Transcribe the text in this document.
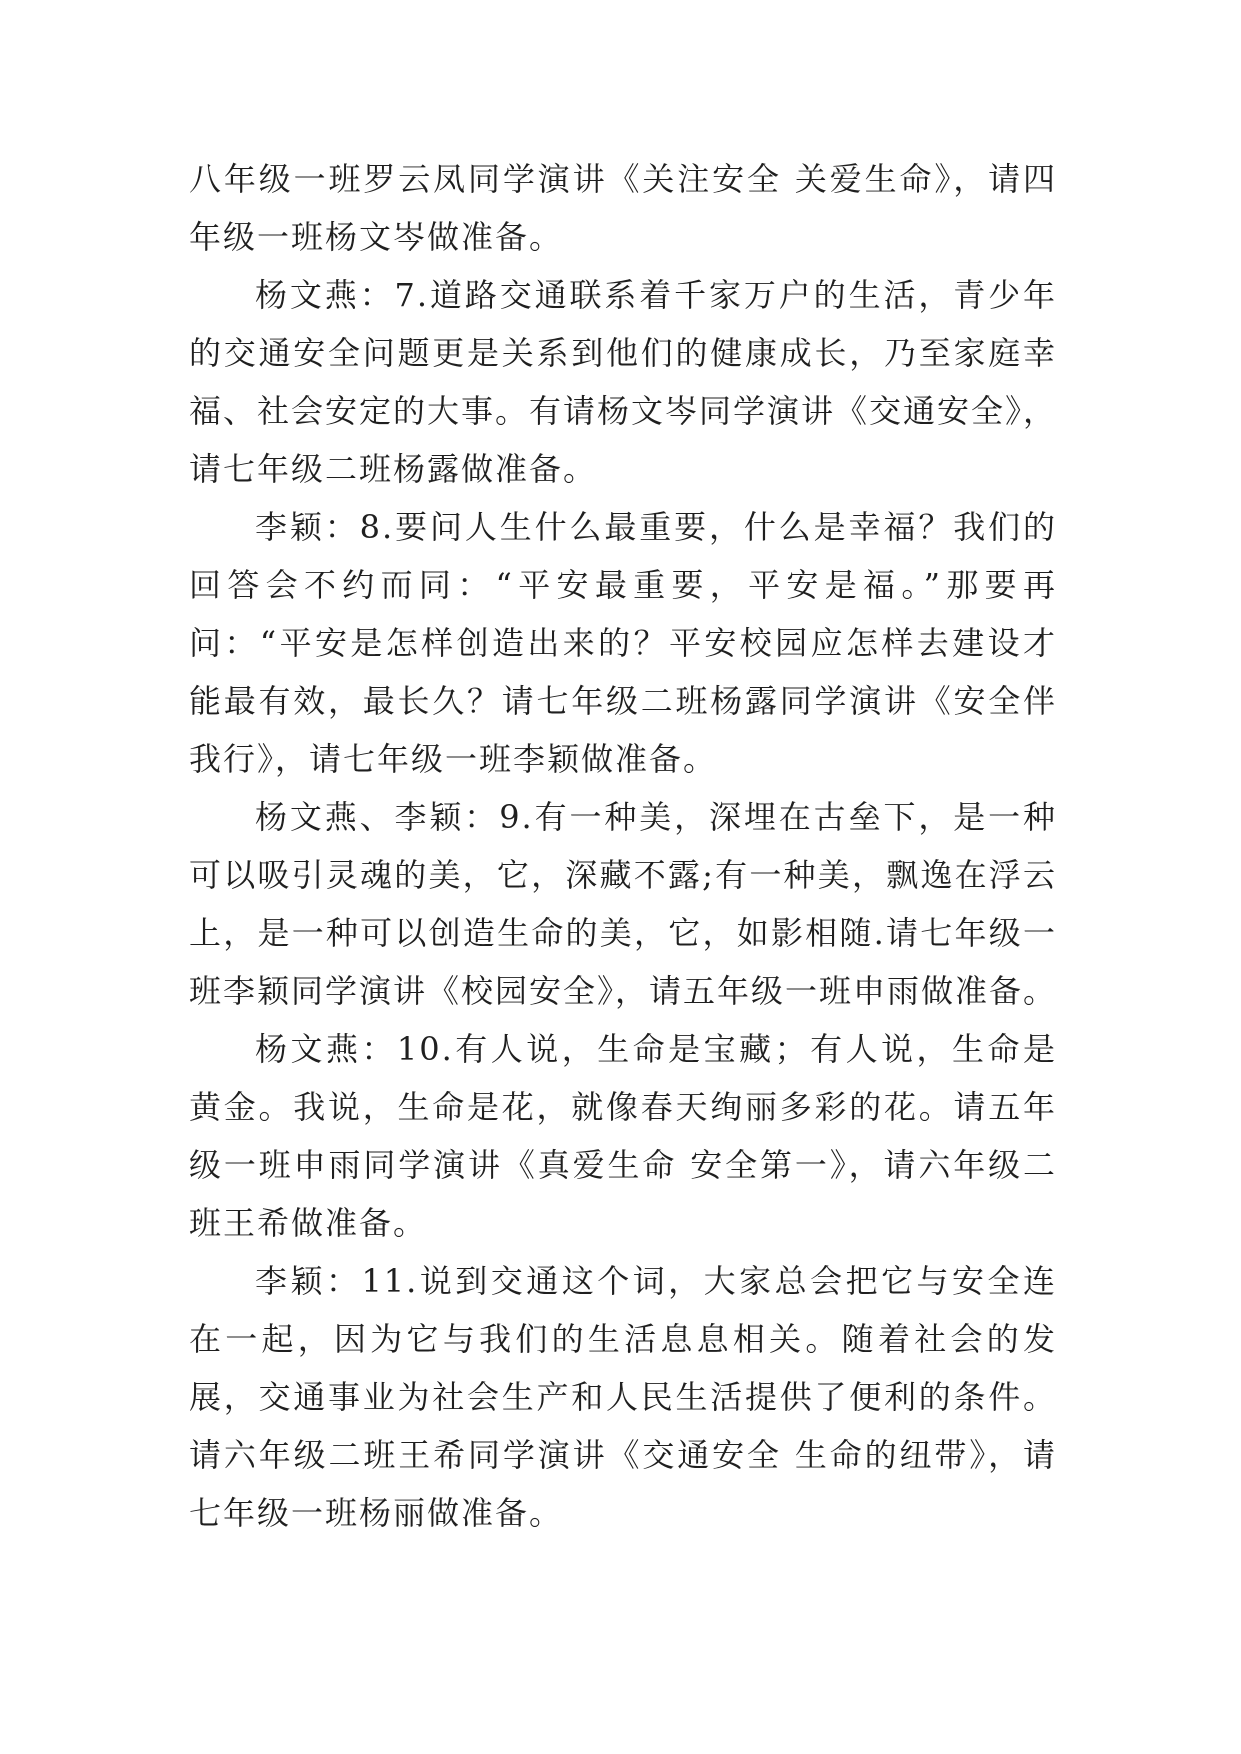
八年级一班罗云凤同学演讲《关注安全 关爱生命》，请四年级一班杨文岑做准备。

杨文燕：7.道路交通联系着千家万户的生活，青少年的交通安全问题更是关系到他们的健康成长，乃至家庭幸福、社会安定的大事。有请杨文岑同学演讲《交通安全》，请七年级二班杨露做准备。

李颖：8.要问人生什么最重要，什么是幸福？我们的回答会不约而同：“平安最重要，平安是福。”那要再问：“平安是怎样创造出来的？平安校园应怎样去建设才能最有效，最长久？请七年级二班杨露同学演讲《安全伴我行》，请七年级一班李颖做准备。

杨文燕、李颖：9.有一种美，深埋在古垒下，是一种可以吸引灵魂的美，它，深藏不露;有一种美，飘逸在浮云上，是一种可以创造生命的美，它，如影相随.请七年级一班李颖同学演讲《校园安全》，请五年级一班申雨做准备。

杨文燕：10.有人说，生命是宝藏；有人说，生命是黄金。我说，生命是花，就像春天绚丽多彩的花。请五年级一班申雨同学演讲《真爱生命 安全第一》，请六年级二班王希做准备。

李颖：11.说到交通这个词，大家总会把它与安全连在一起，因为它与我们的生活息息相关。随着社会的发展，交通事业为社会生产和人民生活提供了便利的条件。请六年级二班王希同学演讲《交通安全 生命的纽带》，请七年级一班杨丽做准备。
